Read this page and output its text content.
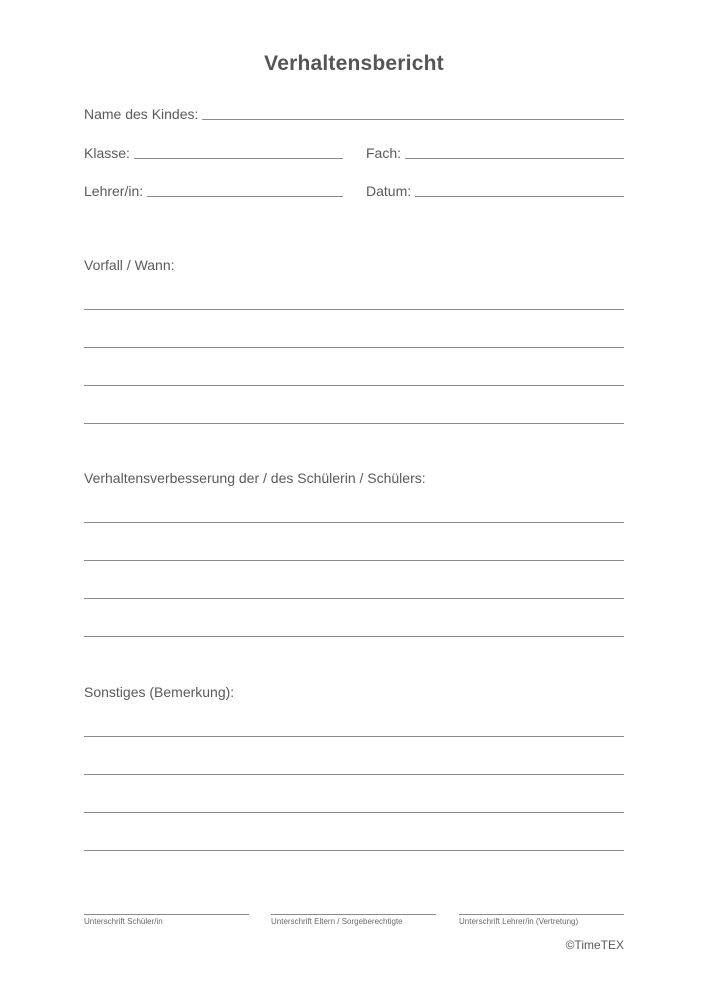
Verhaltensbericht
Name des Kindes:
Klasse:	Fach:
Lehrer/in:	Datum:
Vorfall / Wann:
Verhaltensverbesserung der / des Schülerin / Schülers:
Sonstiges (Bemerkung):
Unterschrift Schüler/in	Unterschrift Eltern / Sorgeberechtigte	Unterschrift Lehrer/in (Vertretung)
©TimeTEX
